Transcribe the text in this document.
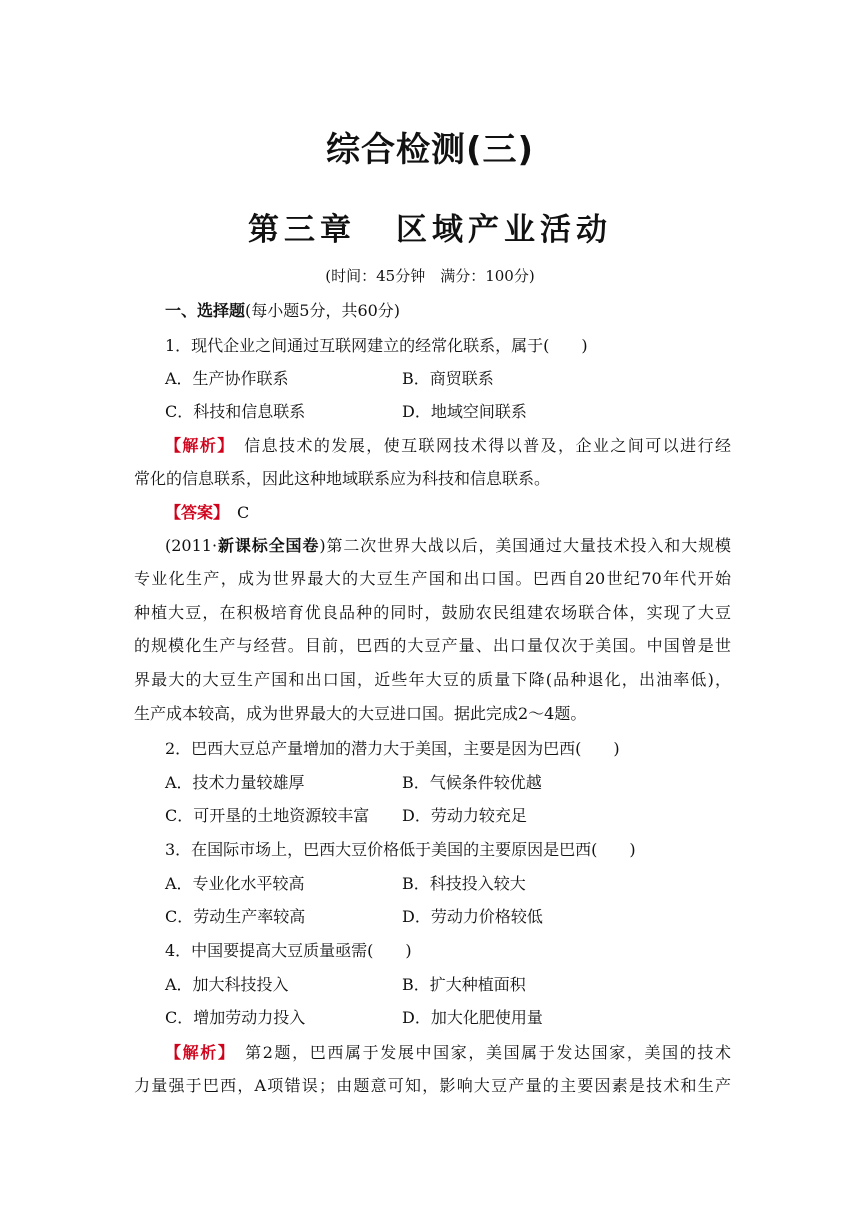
综合检测(三)
第三章 区域产业活动
(时间：45分钟　满分：100分)
一、选择题(每小题5分，共60分)
1．现代企业之间通过互联网建立的经常化联系，属于(　　)
A．生产协作联系	B．商贸联系
C．科技和信息联系	D．地域空间联系
【解析】　信息技术的发展，使互联网技术得以普及，企业之间可以进行经
常化的信息联系，因此这种地域联系应为科技和信息联系。
【答案】　C
(2011·新课标全国卷)第二次世界大战以后，美国通过大量技术投入和大规模
专业化生产，成为世界最大的大豆生产国和出口国。巴西自20世纪70年代开始
种植大豆，在积极培育优良品种的同时，鼓励农民组建农场联合体，实现了大豆
的规模化生产与经营。目前，巴西的大豆产量、出口量仅次于美国。中国曾是世
界最大的大豆生产国和出口国，近些年大豆的质量下降(品种退化，出油率低)，
生产成本较高，成为世界最大的大豆进口国。据此完成2～4题。
2．巴西大豆总产量增加的潜力大于美国，主要是因为巴西(　　)
A．技术力量较雄厚	B．气候条件较优越
C．可开垦的土地资源较丰富	D．劳动力较充足
3．在国际市场上，巴西大豆价格低于美国的主要原因是巴西(　　)
A．专业化水平较高	B．科技投入较大
C．劳动生产率较高	D．劳动力价格较低
4．中国要提高大豆质量亟需(　　)
A．加大科技投入	B．扩大种植面积
C．增加劳动力投入	D．加大化肥使用量
【解析】　第2题，巴西属于发展中国家，美国属于发达国家，美国的技术
力量强于巴西，A项错误；由题意可知，影响大豆产量的主要因素是技术和生产
